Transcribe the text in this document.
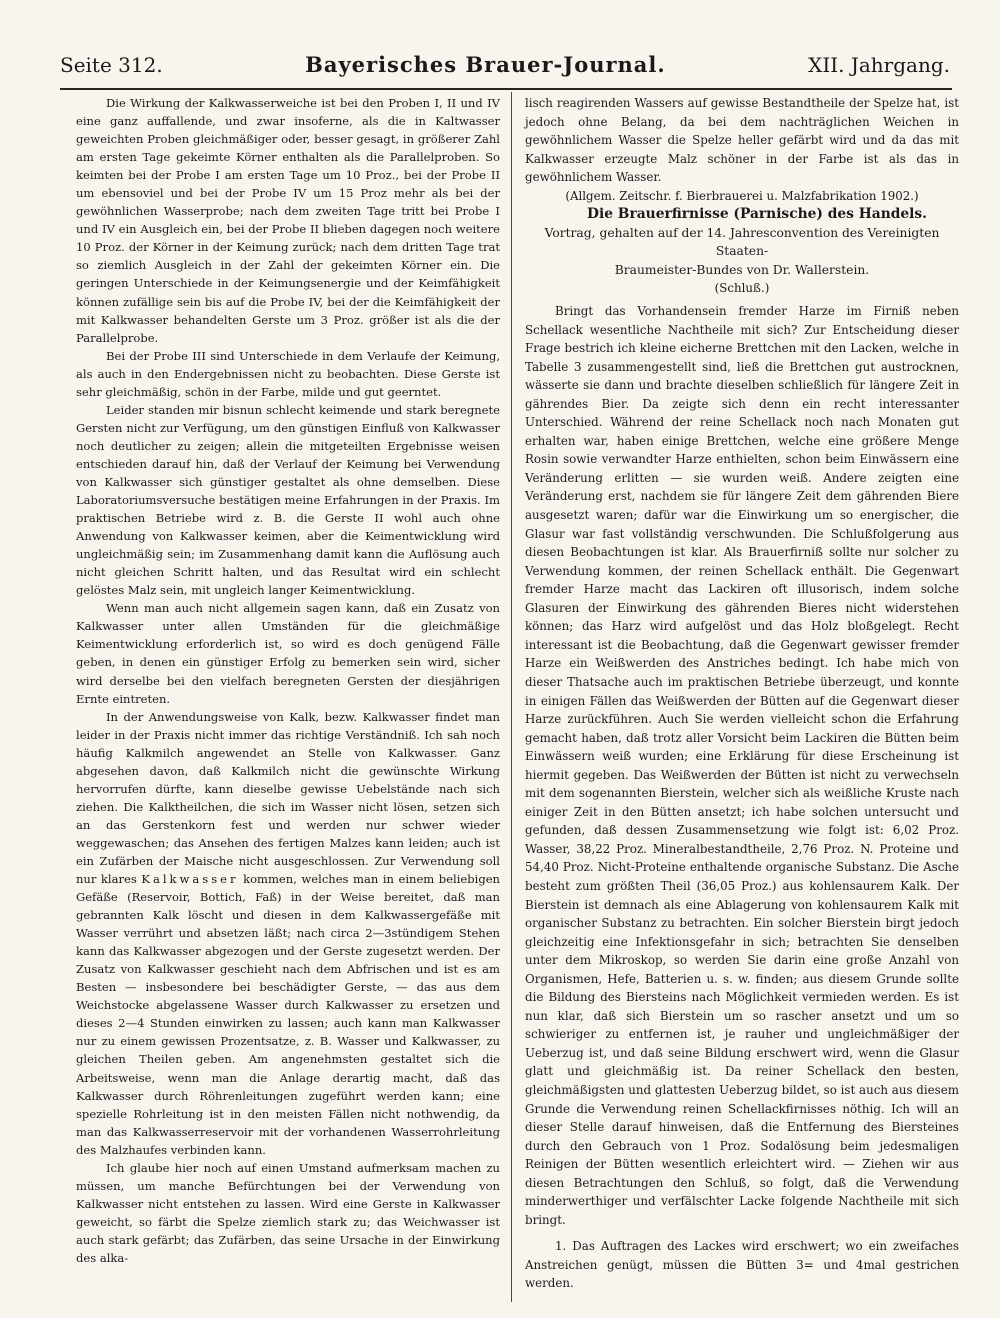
Seite 312.	Bayerisches Brauer-Journal.	XII. Jahrgang.

Die Wirkung der Kalkwasserweiche ist bei den Proben I, II und IV eine ganz auffallende, und zwar insoferne, als die in Kaltwasser geweichten Proben gleichmäßiger oder, besser gesagt, in größerer Zahl am ersten Tage gekeimte Körner enthalten als die Parallelproben. So keimten bei der Probe I am ersten Tage um 10 Proz., bei der Probe II um ebensoviel und bei der Probe IV um 15 Proz mehr als bei der gewöhnlichen Wasserprobe; nach dem zweiten Tage tritt bei Probe I und IV ein Ausgleich ein, bei der Probe II blieben dagegen noch weitere 10 Proz. der Körner in der Keimung zurück; nach dem dritten Tage trat so ziemlich Ausgleich in der Zahl der gekeimten Körner ein. Die geringen Unterschiede in der Keimungsenergie und der Keimfähigkeit können zufällige sein bis auf die Probe IV, bei der die Keimfähigkeit der mit Kalkwasser behandelten Gerste um 3 Proz. größer ist als die der Parallelprobe.

Bei der Probe III sind Unterschiede in dem Verlaufe der Keimung, als auch in den Endergebnissen nicht zu beobachten. Diese Gerste ist sehr gleichmäßig, schön in der Farbe, milde und gut geerntet.

Leider standen mir bisnun schlecht keimende und stark beregnete Gersten nicht zur Verfügung, um den günstigen Einfluß von Kalkwasser noch deutlicher zu zeigen; allein die mitgeteilten Ergebnisse weisen entschieden darauf hin, daß der Verlauf der Keimung bei Verwendung von Kalkwasser sich günstiger gestaltet als ohne demselben. Diese Laboratoriumsversuche bestätigen meine Erfahrungen in der Praxis. Im praktischen Betriebe wird z. B. die Gerste II wohl auch ohne Anwendung von Kalkwasser keimen, aber die Keimentwicklung wird ungleichmäßig sein; im Zusammenhang damit kann die Auflösung auch nicht gleichen Schritt halten, und das Resultat wird ein schlecht gelöstes Malz sein, mit ungleich langer Keimentwicklung.

Wenn man auch nicht allgemein sagen kann, daß ein Zusatz von Kalkwasser unter allen Umständen für die gleichmäßige Keimentwicklung erforderlich ist, so wird es doch genügend Fälle geben, in denen ein günstiger Erfolg zu bemerken sein wird, sicher wird derselbe bei den vielfach beregneten Gersten der diesjährigen Ernte eintreten.

In der Anwendungsweise von Kalk, bezw. Kalkwasser findet man leider in der Praxis nicht immer das richtige Verständniß. Ich sah noch häufig Kalkmilch angewendet an Stelle von Kalkwasser. Ganz abgesehen davon, daß Kalkmilch nicht die gewünschte Wirkung hervorrufen dürfte, kann dieselbe gewisse Uebelstände nach sich ziehen. Die Kalktheilchen, die sich im Wasser nicht lösen, setzen sich an das Gerstenkorn fest und werden nur schwer wieder weggewaschen; das Ansehen des fertigen Malzes kann leiden; auch ist ein Zufärben der Maische nicht ausgeschlossen. Zur Verwendung soll nur klares Kalkwasser kommen, welches man in einem beliebigen Gefäße (Reservoir, Bottich, Faß) in der Weise bereitet, daß man gebrannten Kalk löscht und diesen in dem Kalkwassergefäße mit Wasser verrührt und absetzen läßt; nach circa 2—3stündigem Stehen kann das Kalkwasser abgezogen und der Gerste zugesetzt werden. Der Zusatz von Kalkwasser geschieht nach dem Abfrischen und ist es am Besten — insbesondere bei beschädigter Gerste, — das aus dem Weichstocke abgelassene Wasser durch Kalkwasser zu ersetzen und dieses 2—4 Stunden einwirken zu lassen; auch kann man Kalkwasser nur zu einem gewissen Prozentsatze, z. B. Wasser und Kalkwasser, zu gleichen Theilen geben. Am angenehmsten gestaltet sich die Arbeitsweise, wenn man die Anlage derartig macht, daß das Kalkwasser durch Röhrenleitungen zugeführt werden kann; eine spezielle Rohrleitung ist in den meisten Fällen nicht nothwendig, da man das Kalkwasserreservoir mit der vorhandenen Wasserrohrleitung des Malzhaufes verbinden kann.

Ich glaube hier noch auf einen Umstand aufmerksam machen zu müssen, um manche Befürchtungen bei der Verwendung von Kalkwasser nicht entstehen zu lassen. Wird eine Gerste in Kalkwasser geweicht, so färbt die Spelze ziemlich stark zu; das Weichwasser ist auch stark gefärbt; das Zufärben, das seine Ursache in der Einwirkung des alka-

lisch reagirenden Wassers auf gewisse Bestandtheile der Spelze hat, ist jedoch ohne Belang, da bei dem nachträglichen Weichen in gewöhnlichem Wasser die Spelze heller gefärbt wird und da das mit Kalkwasser erzeugte Malz schöner in der Farbe ist als das in gewöhnlichem Wasser.

(Allgem. Zeitschr. f. Bierbrauerei u. Malzfabrikation 1902.)

Die Brauerfirnisse (Parnische) des Handels.

Vortrag, gehalten auf der 14. Jahresconvention des Vereinigten Staaten-

Braumeister-Bundes von Dr. Wallerstein.

(Schluß.)

Bringt das Vorhandensein fremder Harze im Firniß neben Schellack wesentliche Nachtheile mit sich? Zur Entscheidung dieser Frage bestrich ich kleine eicherne Brettchen mit den Lacken, welche in Tabelle 3 zusammengestellt sind, ließ die Brettchen gut austrocknen, wässerte sie dann und brachte dieselben schließlich für längere Zeit in gährendes Bier. Da zeigte sich denn ein recht interessanter Unterschied. Während der reine Schellack noch nach Monaten gut erhalten war, haben einige Brettchen, welche eine größere Menge Rosin sowie verwandter Harze enthielten, schon beim Einwässern eine Veränderung erlitten — sie wurden weiß. Andere zeigten eine Veränderung erst, nachdem sie für längere Zeit dem gährenden Biere ausgesetzt waren; dafür war die Einwirkung um so energischer, die Glasur war fast vollständig verschwunden. Die Schlußfolgerung aus diesen Beobachtungen ist klar. Als Brauerfirniß sollte nur solcher zu Verwendung kommen, der reinen Schellack enthält. Die Gegenwart fremder Harze macht das Lackiren oft illusorisch, indem solche Glasuren der Einwirkung des gährenden Bieres nicht widerstehen können; das Harz wird aufgelöst und das Holz bloßgelegt. Recht interessant ist die Beobachtung, daß die Gegenwart gewisser fremder Harze ein Weißwerden des Anstriches bedingt. Ich habe mich von dieser Thatsache auch im praktischen Betriebe überzeugt, und konnte in einigen Fällen das Weißwerden der Bütten auf die Gegenwart dieser Harze zurückführen. Auch Sie werden vielleicht schon die Erfahrung gemacht haben, daß trotz aller Vorsicht beim Lackiren die Bütten beim Einwässern weiß wurden; eine Erklärung für diese Erscheinung ist hiermit gegeben. Das Weißwerden der Bütten ist nicht zu verwechseln mit dem sogenannten Bierstein, welcher sich als weißliche Kruste nach einiger Zeit in den Bütten ansetzt; ich habe solchen untersucht und gefunden, daß dessen Zusammensetzung wie folgt ist: 6,02 Proz. Wasser, 38,22 Proz. Mineralbestandtheile, 2,76 Proz. N. Proteine und 54,40 Proz. Nicht-Proteine enthaltende organische Substanz. Die Asche besteht zum größten Theil (36,05 Proz.) aus kohlensaurem Kalk. Der Bierstein ist demnach als eine Ablagerung von kohlensaurem Kalk mit organischer Substanz zu betrachten. Ein solcher Bierstein birgt jedoch gleichzeitig eine Infektionsgefahr in sich; betrachten Sie denselben unter dem Mikroskop, so werden Sie darin eine große Anzahl von Organismen, Hefe, Batterien u. s. w. finden; aus diesem Grunde sollte die Bildung des Biersteins nach Möglichkeit vermieden werden. Es ist nun klar, daß sich Bierstein um so rascher ansetzt und um so schwieriger zu entfernen ist, je rauher und ungleichmäßiger der Ueberzug ist, und daß seine Bildung erschwert wird, wenn die Glasur glatt und gleichmäßig ist. Da reiner Schellack den besten, gleichmäßigsten und glattesten Ueberzug bildet, so ist auch aus diesem Grunde die Verwendung reinen Schellackfirnisses nöthig. Ich will an dieser Stelle darauf hinweisen, daß die Entfernung des Biersteines durch den Gebrauch von 1 Proz. Sodalösung beim jedesmaligen Reinigen der Bütten wesentlich erleichtert wird. — Ziehen wir aus diesen Betrachtungen den Schluß, so folgt, daß die Verwendung minderwerthiger und verfälschter Lacke folgende Nachtheile mit sich bringt.

1. Das Auftragen des Lackes wird erschwert; wo ein zweifaches Anstreichen genügt, müssen die Bütten 3= und 4mal gestrichen werden.
